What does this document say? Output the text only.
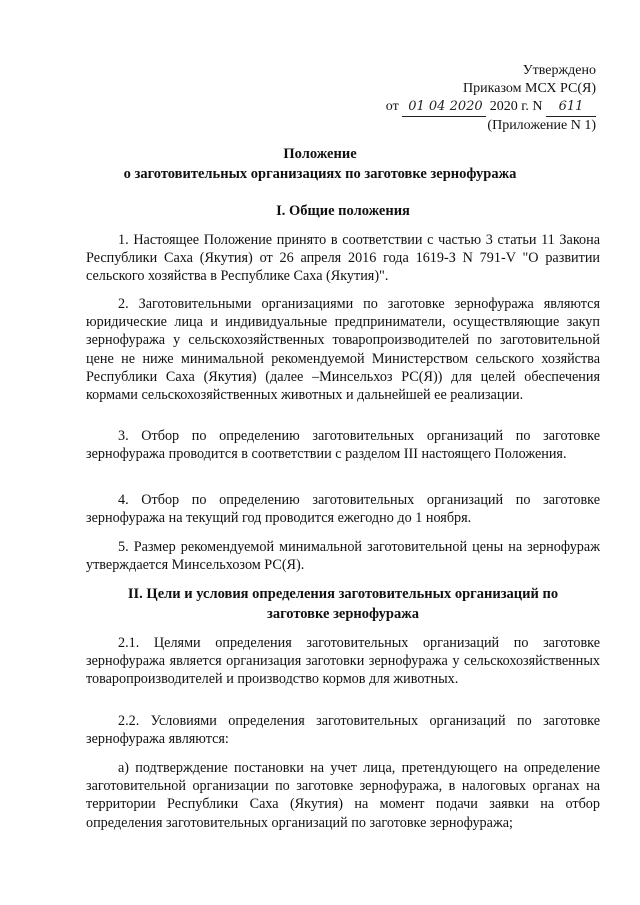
Утверждено
Приказом МСХ РС(Я)
от 01 04 2020 2020 г. N 611
(Приложение N 1)
Положение
о заготовительных организациях по заготовке зернофуража
I. Общие положения
1. Настоящее Положение принято в соответствии с частью 3 статьи 11 Закона Республики Саха (Якутия) от 26 апреля 2016 года 1619-З N 791-V "О развитии сельского хозяйства в Республике Саха (Якутия)".
2. Заготовительными организациями по заготовке зернофуража являются юридические лица и индивидуальные предприниматели, осуществляющие закуп зернофуража у сельскохозяйственных товаропроизводителей по заготовительной цене не ниже минимальной рекомендуемой Министерством сельского хозяйства Республики Саха (Якутия) (далее –Минсельхоз РС(Я)) для целей обеспечения кормами сельскохозяйственных животных и дальнейшей ее реализации.
3. Отбор по определению заготовительных организаций по заготовке зернофуража проводится в соответствии с разделом III настоящего Положения.
4. Отбор по определению заготовительных организаций по заготовке зернофуража на текущий год проводится ежегодно до 1 ноября.
5. Размер рекомендуемой минимальной заготовительной цены на зернофураж утверждается Минсельхозом РС(Я).
II. Цели и условия определения заготовительных организаций по
заготовке зернофуража
2.1. Целями определения заготовительных организаций по заготовке зернофуража является организация заготовки зернофуража у сельскохозяйственных товаропроизводителей и производство кормов для животных.
2.2. Условиями определения заготовительных организаций по заготовке зернофуража являются:
а) подтверждение постановки на учет лица, претендующего на определение заготовительной организации по заготовке зернофуража, в налоговых органах на территории Республики Саха (Якутия) на момент подачи заявки на отбор определения заготовительных организаций по заготовке зернофуража;
